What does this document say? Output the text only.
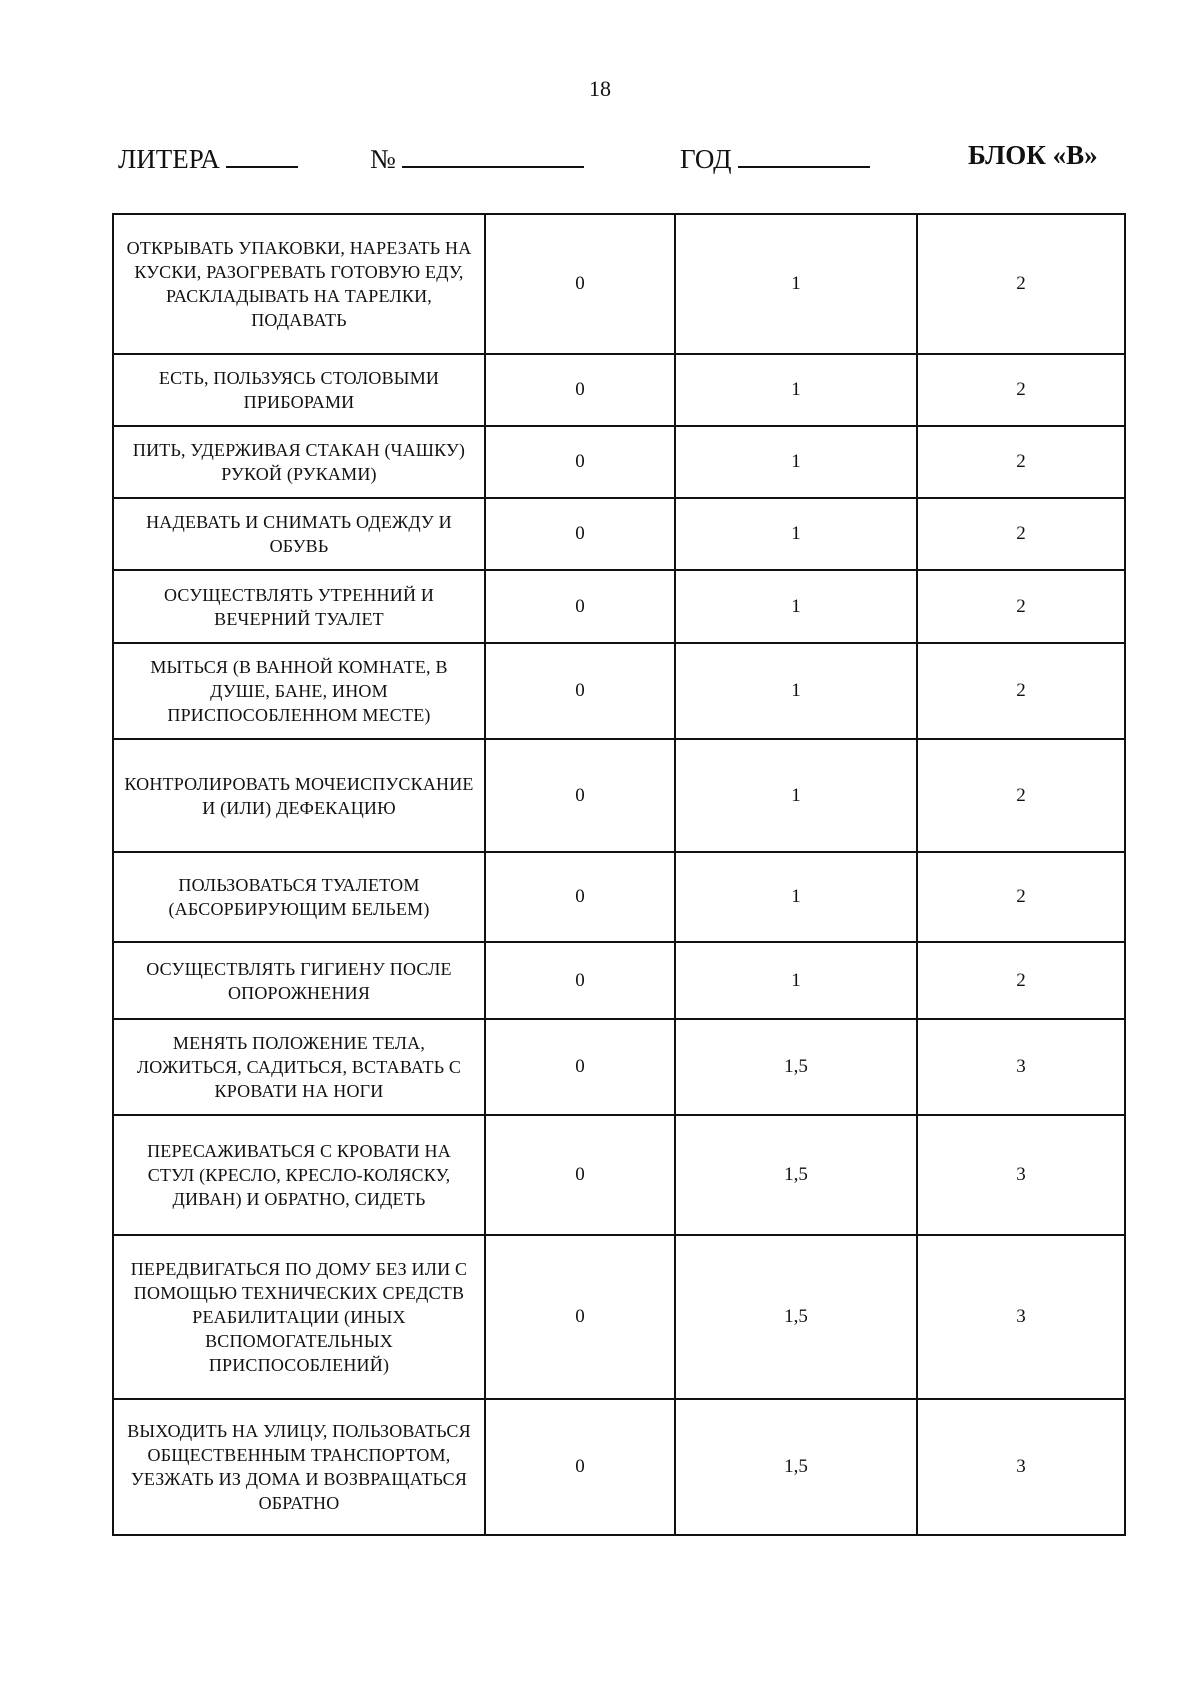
18
ЛИТЕРА	№	ГОД	БЛОК «В»
ОТКРЫВАТЬ УПАКОВКИ, НАРЕЗАТЬ НА КУСКИ, РАЗОГРЕВАТЬ ГОТОВУЮ ЕДУ, РАСКЛАДЫВАТЬ НА ТАРЕЛКИ, ПОДАВАТЬ	0	1	2
ЕСТЬ, ПОЛЬЗУЯСЬ СТОЛОВЫМИ ПРИБОРАМИ	0	1	2
ПИТЬ, УДЕРЖИВАЯ СТАКАН (ЧАШКУ) РУКОЙ (РУКАМИ)	0	1	2
НАДЕВАТЬ И СНИМАТЬ ОДЕЖДУ И ОБУВЬ	0	1	2
ОСУЩЕСТВЛЯТЬ УТРЕННИЙ И ВЕЧЕРНИЙ ТУАЛЕТ	0	1	2
МЫТЬСЯ (В ВАННОЙ КОМНАТЕ, В ДУШЕ, БАНЕ, ИНОМ ПРИСПОСОБЛЕННОМ МЕСТЕ)	0	1	2
КОНТРОЛИРОВАТЬ МОЧЕИСПУСКАНИЕ И (ИЛИ) ДЕФЕКАЦИЮ	0	1	2
ПОЛЬЗОВАТЬСЯ ТУАЛЕТОМ (АБСОРБИРУЮЩИМ БЕЛЬЕМ)	0	1	2
ОСУЩЕСТВЛЯТЬ ГИГИЕНУ ПОСЛЕ ОПОРОЖНЕНИЯ	0	1	2
МЕНЯТЬ ПОЛОЖЕНИЕ ТЕЛА, ЛОЖИТЬСЯ, САДИТЬСЯ, ВСТАВАТЬ С КРОВАТИ НА НОГИ	0	1,5	3
ПЕРЕСАЖИВАТЬСЯ С КРОВАТИ НА СТУЛ (КРЕСЛО, КРЕСЛО-КОЛЯСКУ, ДИВАН) И ОБРАТНО, СИДЕТЬ	0	1,5	3
ПЕРЕДВИГАТЬСЯ ПО ДОМУ БЕЗ ИЛИ С ПОМОЩЬЮ ТЕХНИЧЕСКИХ СРЕДСТВ РЕАБИЛИТАЦИИ (ИНЫХ ВСПОМОГАТЕЛЬНЫХ ПРИСПОСОБЛЕНИЙ)	0	1,5	3
ВЫХОДИТЬ НА УЛИЦУ, ПОЛЬЗОВАТЬСЯ ОБЩЕСТВЕННЫМ ТРАНСПОРТОМ, УЕЗЖАТЬ ИЗ ДОМА И ВОЗВРАЩАТЬСЯ ОБРАТНО	0	1,5	3
